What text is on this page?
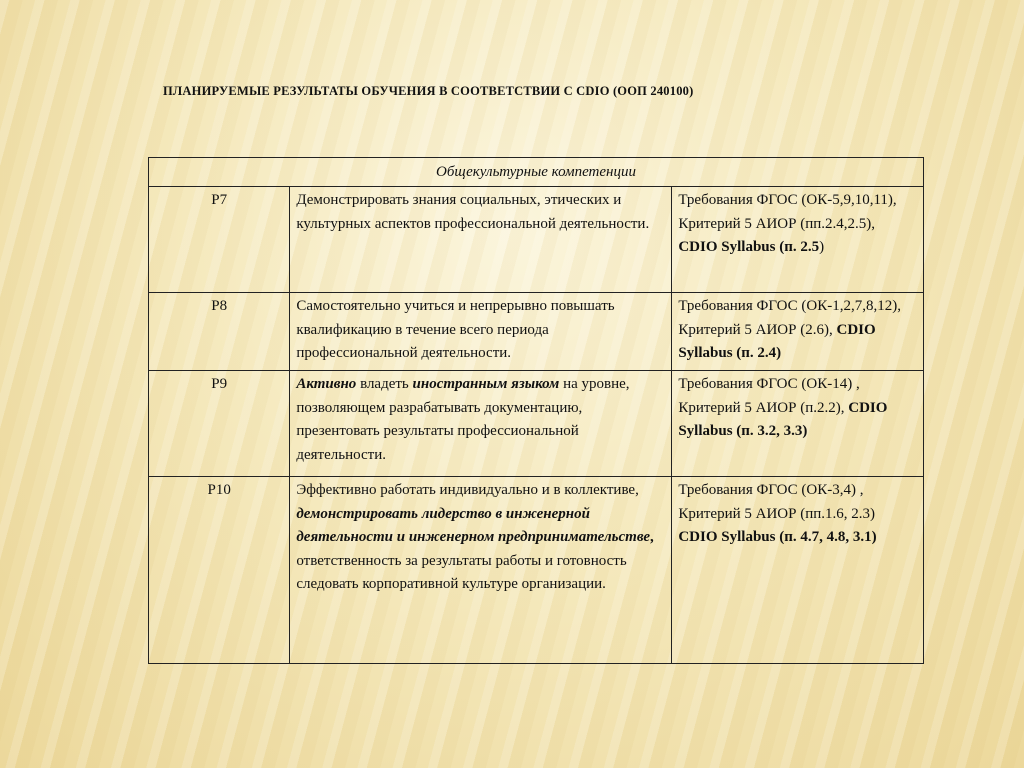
ПЛАНИРУЕМЫЕ РЕЗУЛЬТАТЫ ОБУЧЕНИЯ В СООТВЕТСТВИИ С CDIO (ООП 240100)
Общекультурные компетенции		
Р7	Демонстрировать знания социальных, этических и культурных аспектов профессиональной деятельности.	Требования ФГОС (ОК-5,9,10,11), Критерий 5 АИОР (пп.2.4,2.5), CDIO Syllabus (п. 2.5)
Р8	Самостоятельно учиться и непрерывно повышать квалификацию в течение всего периода профессиональной деятельности.	Требования ФГОС (ОК-1,2,7,8,12), Критерий 5 АИОР (2.6), CDIO Syllabus (п. 2.4)
Р9	Активно владеть иностранным языком на уровне, позволяющем разрабатывать документацию, презентовать результаты профессиональной деятельности.	Требования ФГОС (ОК-14) , Критерий 5 АИОР (п.2.2), CDIO Syllabus (п. 3.2, 3.3)
Р10	Эффективно работать индивидуально и в коллективе, демонстрировать лидерство в инженерной деятельности и инженерном предпринимательстве, ответственность за результаты работы и готовность следовать корпоративной культуре организации.	Требования ФГОС (ОК-3,4) , Критерий 5 АИОР (пп.1.6, 2.3) CDIO Syllabus (п. 4.7, 4.8, 3.1)
